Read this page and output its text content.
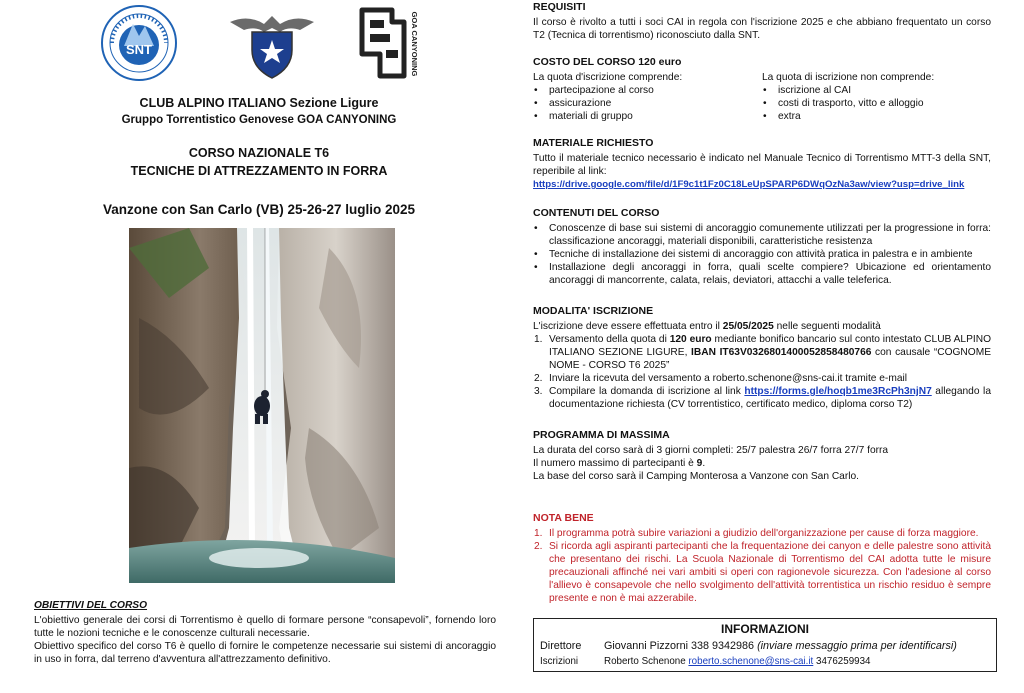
SNT	GOA CANYONING
CLUB ALPINO ITALIANO Sezione Ligure
Gruppo Torrentistico Genovese GOA CANYONING
CORSO NAZIONALE T6
TECNICHE DI ATTREZZAMENTO IN FORRA
Vanzone con San Carlo (VB) 25-26-27 luglio 2025
OBIETTIVI DEL CORSO

L'obiettivo generale dei corsi di Torrentismo è quello di formare persone “consapevoli”, fornendo loro tutte le nozioni tecniche e le conoscenze culturali necessarie.

Obiettivo specifico del corso T6 è quello di fornire le competenze necessarie sui sistemi di ancoraggio in uso in forra, dal terreno d'avventura all'attrezzamento definitivo.

REQUISITI
Il corso è rivolto a tutti i soci CAI in regola con l'iscrizione 2025 e che abbiano frequentato un corso T2 (Tecnica di torrentismo) riconosciuto dalla SNT.
COSTO DEL CORSO 120 euro
La quota d'iscrizione comprende:
• partecipazione al corso
• assicurazione
• materiali di gruppo
La quota di iscrizione non comprende:
• iscrizione al CAI
• costi di trasporto, vitto e alloggio
• extra
MATERIALE RICHIESTO
Tutto il materiale tecnico necessario è indicato nel Manuale Tecnico di Torrentismo MTT-3 della SNT, reperibile al link:
https://drive.google.com/file/d/1F9c1t1Fz0C18LeUpSPARP6DWqOzNa3aw/view?usp=drive_link
CONTENUTI DEL CORSO
• Conoscenze di base sui sistemi di ancoraggio comunemente utilizzati per la progressione in forra: classificazione ancoraggi, materiali disponibili, caratteristiche resistenza
• Tecniche di installazione dei sistemi di ancoraggio con attività pratica in palestra e in ambiente
• Installazione degli ancoraggi in forra, quali scelte compiere? Ubicazione ed orientamento ancoraggi di mancorrente, calata, relais, deviatori, attacchi a valle teleferica.
MODALITA' ISCRIZIONE
L'iscrizione deve essere effettuata entro il 25/05/2025 nelle seguenti modalità
1. Versamento della quota di 120 euro mediante bonifico bancario sul conto intestato CLUB ALPINO ITALIANO SEZIONE LIGURE, IBAN IT63V0326801400052858480766 con causale “COGNOME NOME - CORSO T6 2025”
2. Inviare la ricevuta del versamento a roberto.schenone@sns-cai.it tramite e-mail
3. Compilare la domanda di iscrizione al link https://forms.gle/hoqb1me3RcPh3njN7 allegando la documentazione richiesta (CV torrentistico, certificato medico, diploma corso T2)
PROGRAMMA DI MASSIMA
La durata del corso sarà di 3 giorni completi: 25/7 palestra 26/7 forra 27/7 forra
Il numero massimo di partecipanti è 9.
La base del corso sarà il Camping Monterosa a Vanzone con San Carlo.
NOTA BENE
1. Il programma potrà subire variazioni a giudizio dell'organizzazione per cause di forza maggiore.
2. Si ricorda agli aspiranti partecipanti che la frequentazione dei canyon e delle palestre sono attività che presentano dei rischi. La Scuola Nazionale di Torrentismo del CAI adotta tutte le misure precauzionali affinché nei vari ambiti si operi con ragionevole sicurezza. Con l'adesione al corso l'allievo è consapevole che nello svolgimento dell'attività torrentistica un rischio residuo è sempre presente e non è mai azzerabile.
INFORMAZIONI
Direttore Giovanni Pizzorni 338 9342986 (inviare messaggio prima per identificarsi)
Iscrizioni	Roberto Schenone roberto.schenone@sns-cai.it 3476259934
